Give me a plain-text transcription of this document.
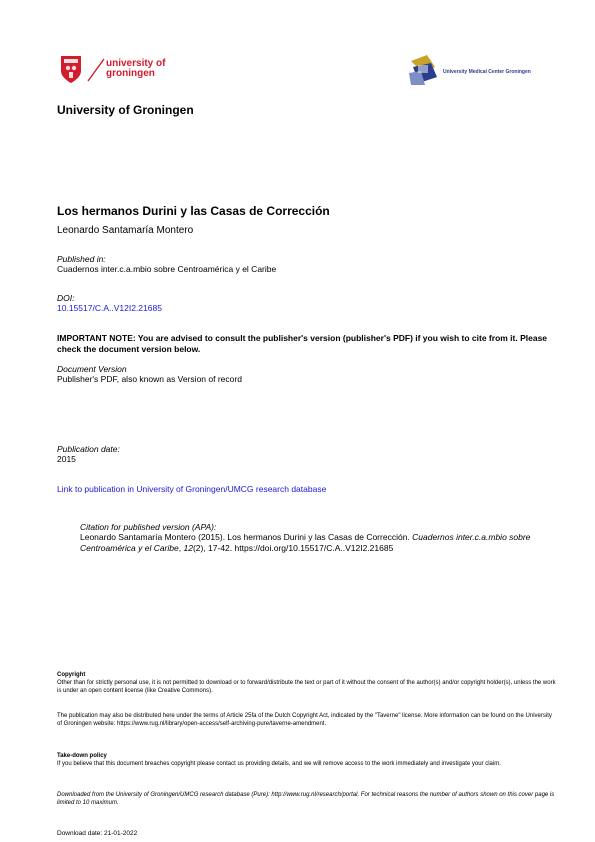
university of
groningen	University Medical Center Groningen
University of Groningen
Los hermanos Durini y las Casas de Corrección
Leonardo Santamaría Montero
Published in:
Cuadernos inter.c.a.mbio sobre Centroamérica y el Caribe
DOI:
10.15517/C.A..V12I2.21685
IMPORTANT NOTE: You are advised to consult the publisher's version (publisher's PDF) if you wish to cite from it. Please check the document version below.
Document Version
Publisher's PDF, also known as Version of record
Publication date:
2015
Link to publication in University of Groningen/UMCG research database
Citation for published version (APA):
Leonardo Santamaría Montero (2015). Los hermanos Durini y las Casas de Corrección. Cuadernos inter.c.a.mbio sobre Centroamérica y el Caribe, 12(2), 17-42. https://doi.org/10.15517/C.A..V12I2.21685
Copyright
Other than for strictly personal use, it is not permitted to download or to forward/distribute the text or part of it without the consent of the author(s) and/or copyright holder(s), unless the work is under an open content license (like Creative Commons).
The publication may also be distributed here under the terms of Article 25fa of the Dutch Copyright Act, indicated by the "Taverne" license. More information can be found on the University of Groningen website: https://www.rug.nl/library/open-access/self-archiving-pure/taverne-amendment.
Take-down policy
If you believe that this document breaches copyright please contact us providing details, and we will remove access to the work immediately and investigate your claim.
Downloaded from the University of Groningen/UMCG research database (Pure): http://www.rug.nl/research/portal. For technical reasons the number of authors shown on this cover page is limited to 10 maximum.
Download date: 21-01-2022
